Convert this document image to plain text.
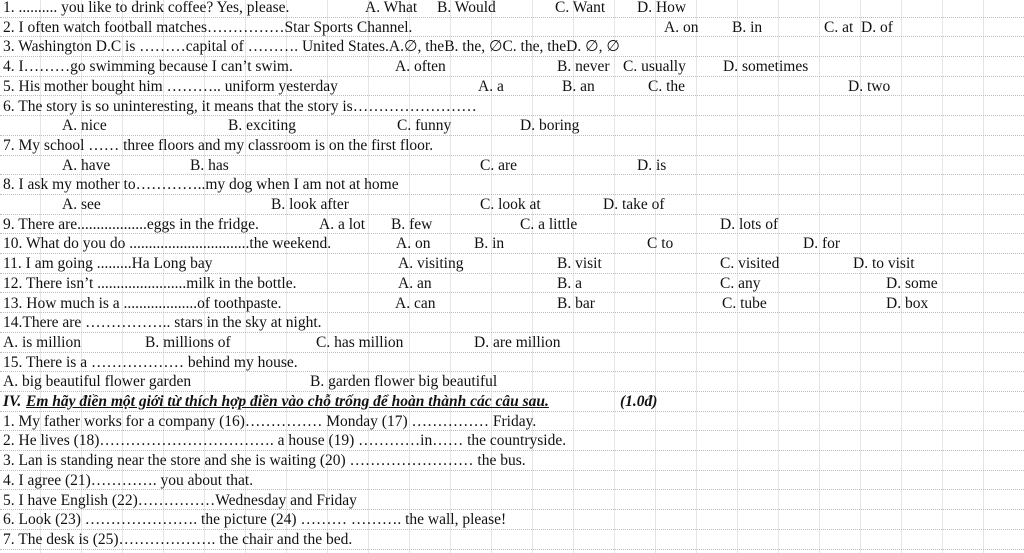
1. .......... you like to drink coffee? Yes, please.	A. What B. Would	C. Want D. How
2. I often watch football matches……………Star Sports Channel.	A. on B. in	C. at D. of
3. Washington D.C is ………capital of ………. United States.A.∅, theB. the, ∅C. the, theD. ∅, ∅
4. I………go swimming because I can’t swim.	A. often	B. never C. usually D. sometimes
5. His mother bought him ……….. uniform yesterday	A. a	B. an	C. the	D. two
6. The story is so uninteresting, it means that the story is……………………
A. nice	B. exciting	C. funny	D. boring
7. My school …… three floors and my classroom is on the first floor.
A. have	B. has	C. are	D. is
8. I ask my mother to…………..my dog when I am not at home
A. see	B. look after	C. look at	D. take of
9. There are..................eggs in the fridge.	A. a lot B. few	C. a little	D. lots of
10. What do you do ...............................the weekend.	A. on	B. in	C to	D. for
11. I am going .........Ha Long bay	A. visiting	B. visit	C. visited	D. to visit
12. There isn’t .......................milk in the bottle.	A. an	B. a	C. any	D. some
13. How much is a ...................of toothpaste.	A. can	B. bar	C. tube	D. box
14.There are …………….. stars in the sky at night.
A. is million	B. millions of	C. has million	D. are million
15. There is a ……………… behind my house.
A. big beautiful flower garden	B. garden flower big beautiful
IV. Em hãy điền một giới từ thích hợp điền vào chỗ trống để hoàn thành các câu sau.	(1.0đ)
1. My father works for a company (16)…………… Monday (17) …………… Friday.
2. He lives (18)……………………………. a house (19) …………in…… the countryside.
3. Lan is standing near the store and she is waiting (20) …………………… the bus.
4. I agree (21)…………. you about that.
5. I have English (22)……………Wednesday and Friday
6. Look (23) …………………. the picture (24) ……… ………. the wall, please!
7. The desk is (25)………………. the chair and the bed.
